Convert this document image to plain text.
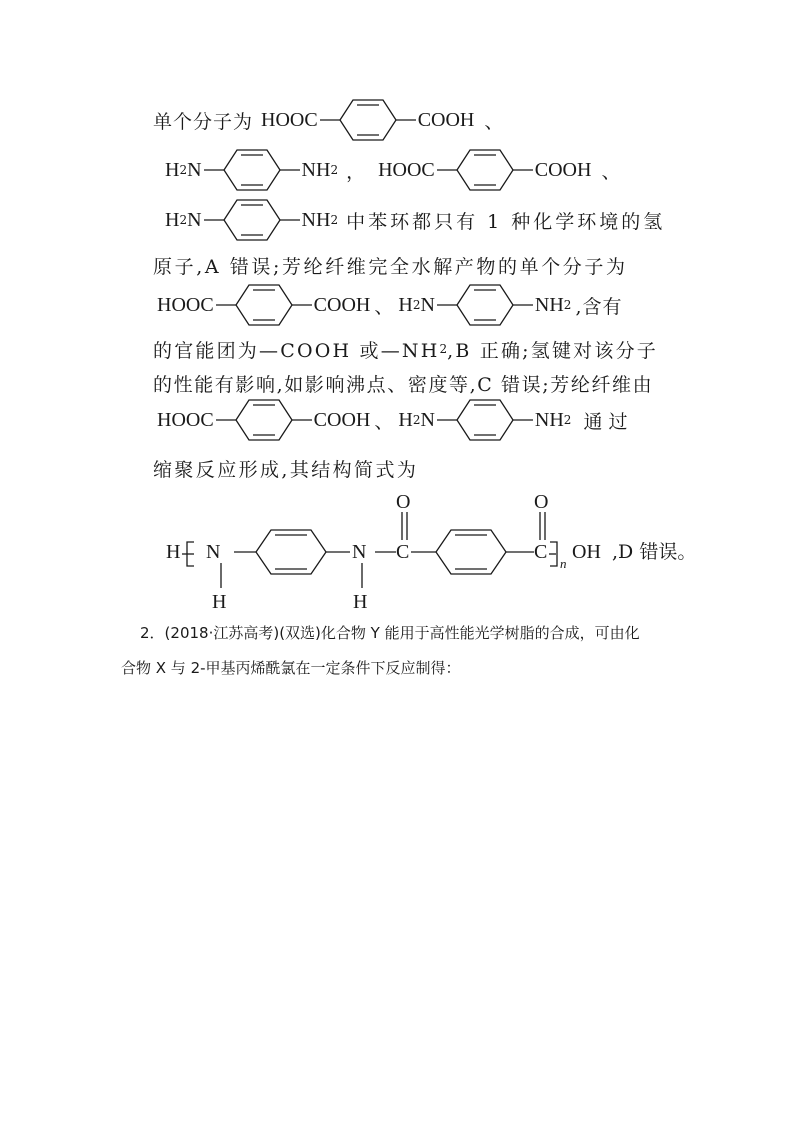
单个分子为 HOOC	COOH 、
H 2 N	NH 2 ， HOOC	COOH 、
H 2 N	NH 2 中苯环都只有 1 种化学环境的氢
原子,A 错误;芳纶纤维完全水解产物的单个分子为
HOOC	COOH 、 H 2 N	NH 2 ,含有
的官能团为—COOH 或—NH 2 ,B 正确;氢键对该分子
的性能有影响,如影响沸点、密度等,C 错误;芳纶纤维由
HOOC	COOH 、 H 2 N	NH 2 通过
缩聚反应形成,其结构简式为
H N
H
N
H
C
O
C
O
n
OH ,D 错误。
2．(2018·江苏高考)(双选)化合物 Y 能用于高性能光学树脂的合成，可由化
合物 X 与 2-甲基丙烯酰氯在一定条件下反应制得：
